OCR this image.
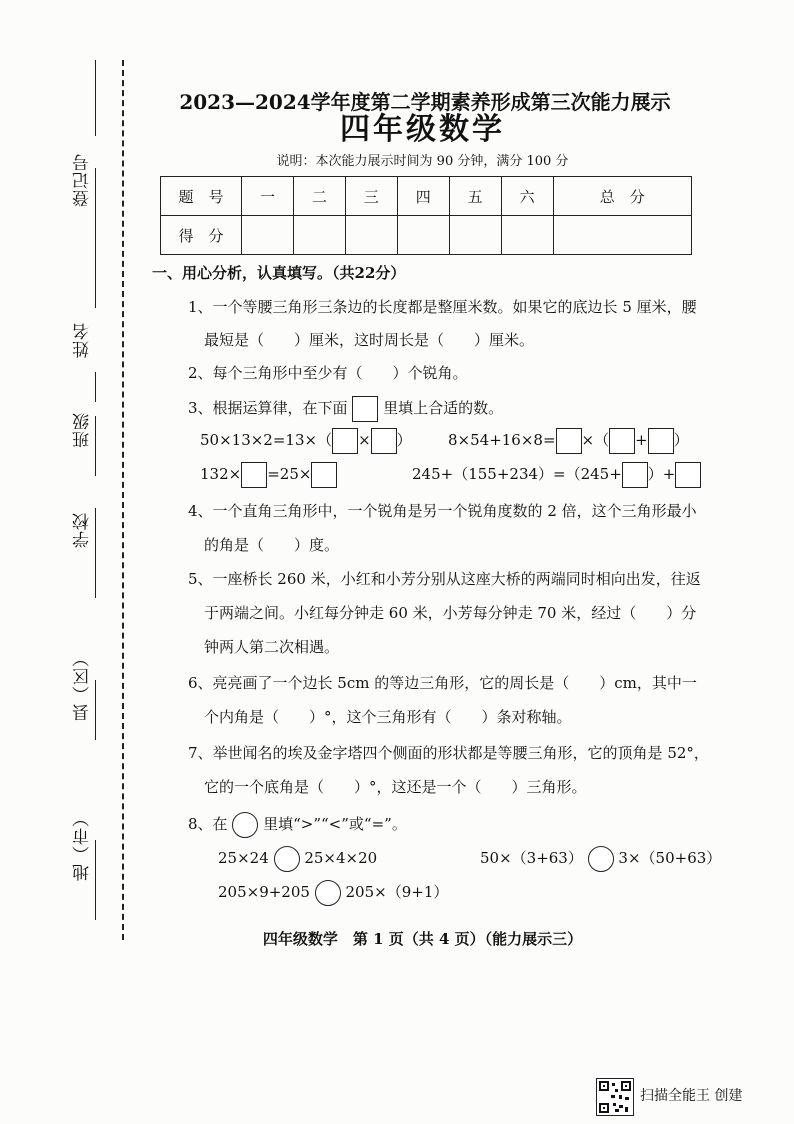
登记号
姓名
班级
学校
县（区）
地（市）
2023—2024学年度第二学期素养形成第三次能力展示
四年级数学
说明：本次能力展示时间为 90 分钟，满分 100 分
题　号	一	二	三	四	五	六	总　分
得　分							
一、用心分析，认真填写。（共22分）
1、一个等腰三角形三条边的长度都是整厘米数。如果它的底边长 5 厘米，腰
最短是（　　）厘米，这时周长是（　　）厘米。
2、每个三角形中至少有（　　）个锐角。
3、根据运算律，在下面 里填上合适的数。
50×13×2=13×（ × ） 8×54+16×8= ×（ + ）
132× =25×	245+（155+234）=（245+ ）+
4、一个直角三角形中，一个锐角是另一个锐角度数的 2 倍，这个三角形最小
的角是（　　）度。
5、一座桥长 260 米，小红和小芳分别从这座大桥的两端同时相向出发，往返
于两端之间。小红每分钟走 60 米，小芳每分钟走 70 米，经过（　　）分
钟两人第二次相遇。
6、亮亮画了一个边长 5cm 的等边三角形，它的周长是（　　）cm，其中一
个内角是（　　）°，这个三角形有（　　）条对称轴。
7、举世闻名的埃及金字塔四个侧面的形状都是等腰三角形，它的顶角是 52°，
它的一个底角是（　　）°，这还是一个（　　）三角形。
8、在 里填“>”“<”或“=”。
25×24 25×4×20	50×（3+63） 3×（50+63）
205×9+205 205×（9+1）
四年级数学　第 1 页（共 4 页）（能力展示三）
扫描全能王 创建
